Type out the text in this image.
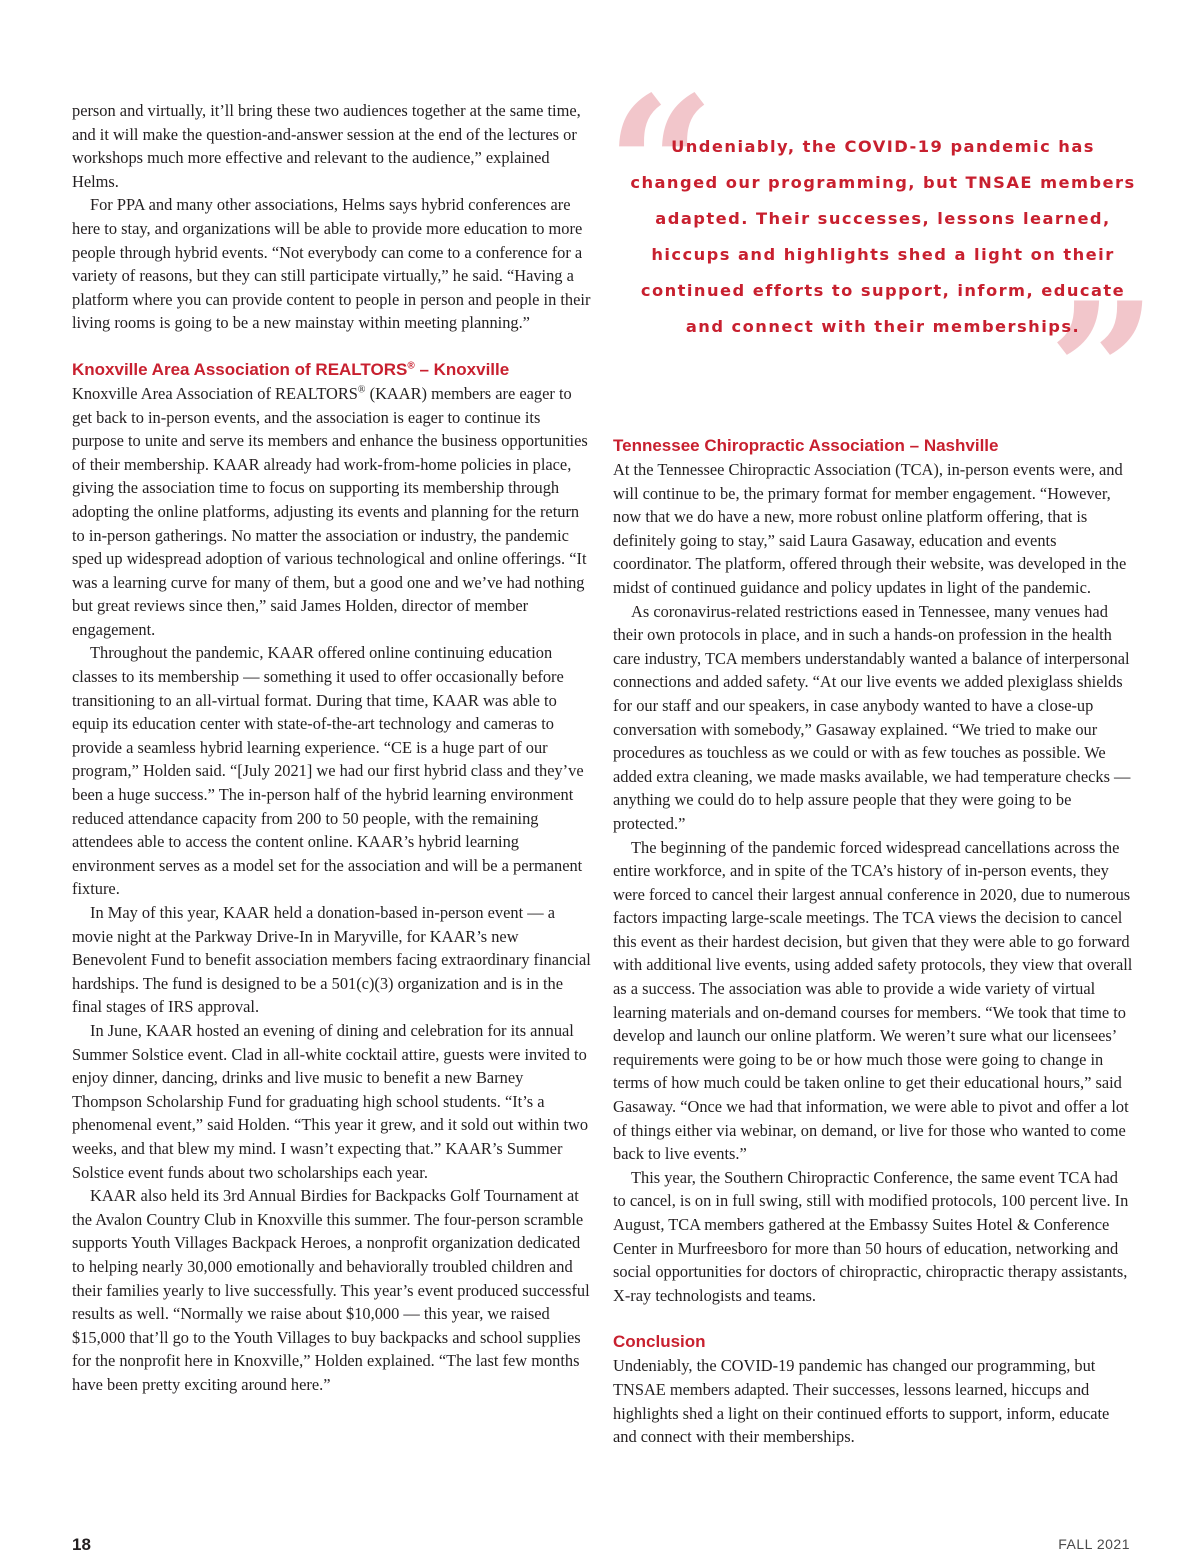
person and virtually, it’ll bring these two audiences together at the same time, and it will make the question-and-answer session at the end of the lectures or workshops much more effective and relevant to the audience,” explained Helms.

For PPA and many other associations, Helms says hybrid conferences are here to stay, and organizations will be able to provide more education to more people through hybrid events. “Not everybody can come to a conference for a variety of reasons, but they can still participate virtually,” he said. “Having a platform where you can provide content to people in person and people in their living rooms is going to be a new mainstay within meeting planning.”

Knoxville Area Association of REALTORS® – Knoxville

Knoxville Area Association of REALTORS® (KAAR) members are eager to get back to in-person events, and the association is eager to continue its purpose to unite and serve its members and enhance the business opportunities of their membership. KAAR already had work-from-home policies in place, giving the association time to focus on supporting its membership through adopting the online platforms, adjusting its events and planning for the return to in-person gatherings. No matter the association or industry, the pandemic sped up widespread adoption of various technological and online offerings. “It was a learning curve for many of them, but a good one and we’ve had nothing but great reviews since then,” said James Holden, director of member engagement.

Throughout the pandemic, KAAR offered online continuing education classes to its membership — something it used to offer occasionally before transitioning to an all-virtual format. During that time, KAAR was able to equip its education center with state-of-the-art technology and cameras to provide a seamless hybrid learning experience. “CE is a huge part of our program,” Holden said. “[July 2021] we had our first hybrid class and they’ve been a huge success.” The in-person half of the hybrid learning environment reduced attendance capacity from 200 to 50 people, with the remaining attendees able to access the content online. KAAR’s hybrid learning environment serves as a model set for the association and will be a permanent fixture.

In May of this year, KAAR held a donation-based in-person event — a movie night at the Parkway Drive-In in Maryville, for KAAR’s new Benevolent Fund to benefit association members facing extraordinary financial hardships. The fund is designed to be a 501(c)(3) organization and is in the final stages of IRS approval.

In June, KAAR hosted an evening of dining and celebration for its annual Summer Solstice event. Clad in all-white cocktail attire, guests were invited to enjoy dinner, dancing, drinks and live music to benefit a new Barney Thompson Scholarship Fund for graduating high school students. “It’s a phenomenal event,” said Holden. “This year it grew, and it sold out within two weeks, and that blew my mind. I wasn’t expecting that.” KAAR’s Summer Solstice event funds about two scholarships each year.

KAAR also held its 3rd Annual Birdies for Backpacks Golf Tournament at the Avalon Country Club in Knoxville this summer. The four-person scramble supports Youth Villages Backpack Heroes, a nonprofit organization dedicated to helping nearly 30,000 emotionally and behaviorally troubled children and their families yearly to live successfully. This year’s event produced successful results as well. “Normally we raise about $10,000 — this year, we raised $15,000 that’ll go to the Youth Villages to buy backpacks and school supplies for the nonprofit here in Knoxville,” Holden explained. “The last few months have been pretty exciting around here.”

“
”

Undeniably, the COVID-19 pandemic has changed our programming, but TNSAE members adapted. Their successes, lessons learned, hiccups and highlights shed a light on their continued efforts to support, inform, educate and connect with their memberships.

Tennessee Chiropractic Association – Nashville

At the Tennessee Chiropractic Association (TCA), in-person events were, and will continue to be, the primary format for member engagement. “However, now that we do have a new, more robust online platform offering, that is definitely going to stay,” said Laura Gasaway, education and events coordinator. The platform, offered through their website, was developed in the midst of continued guidance and policy updates in light of the pandemic.

As coronavirus-related restrictions eased in Tennessee, many venues had their own protocols in place, and in such a hands-on profession in the health care industry, TCA members understandably wanted a balance of interpersonal connections and added safety. “At our live events we added plexiglass shields for our staff and our speakers, in case anybody wanted to have a close-up conversation with somebody,” Gasaway explained. “We tried to make our procedures as touchless as we could or with as few touches as possible. We added extra cleaning, we made masks available, we had temperature checks — anything we could do to help assure people that they were going to be protected.”

The beginning of the pandemic forced widespread cancellations across the entire workforce, and in spite of the TCA’s history of in-person events, they were forced to cancel their largest annual conference in 2020, due to numerous factors impacting large-scale meetings. The TCA views the decision to cancel this event as their hardest decision, but given that they were able to go forward with additional live events, using added safety protocols, they view that overall as a success. The association was able to provide a wide variety of virtual learning materials and on-demand courses for members. “We took that time to develop and launch our online platform. We weren’t sure what our licensees’ requirements were going to be or how much those were going to change in terms of how much could be taken online to get their educational hours,” said Gasaway. “Once we had that information, we were able to pivot and offer a lot of things either via webinar, on demand, or live for those who wanted to come back to live events.”

This year, the Southern Chiropractic Conference, the same event TCA had to cancel, is on in full swing, still with modified protocols, 100 percent live. In August, TCA members gathered at the Embassy Suites Hotel & Conference Center in Murfreesboro for more than 50 hours of education, networking and social opportunities for doctors of chiropractic, chiropractic therapy assistants, X-ray technologists and teams.

Conclusion

Undeniably, the COVID-19 pandemic has changed our programming, but TNSAE members adapted. Their successes, lessons learned, hiccups and highlights shed a light on their continued efforts to support, inform, educate and connect with their memberships.

18	FALL 2021
